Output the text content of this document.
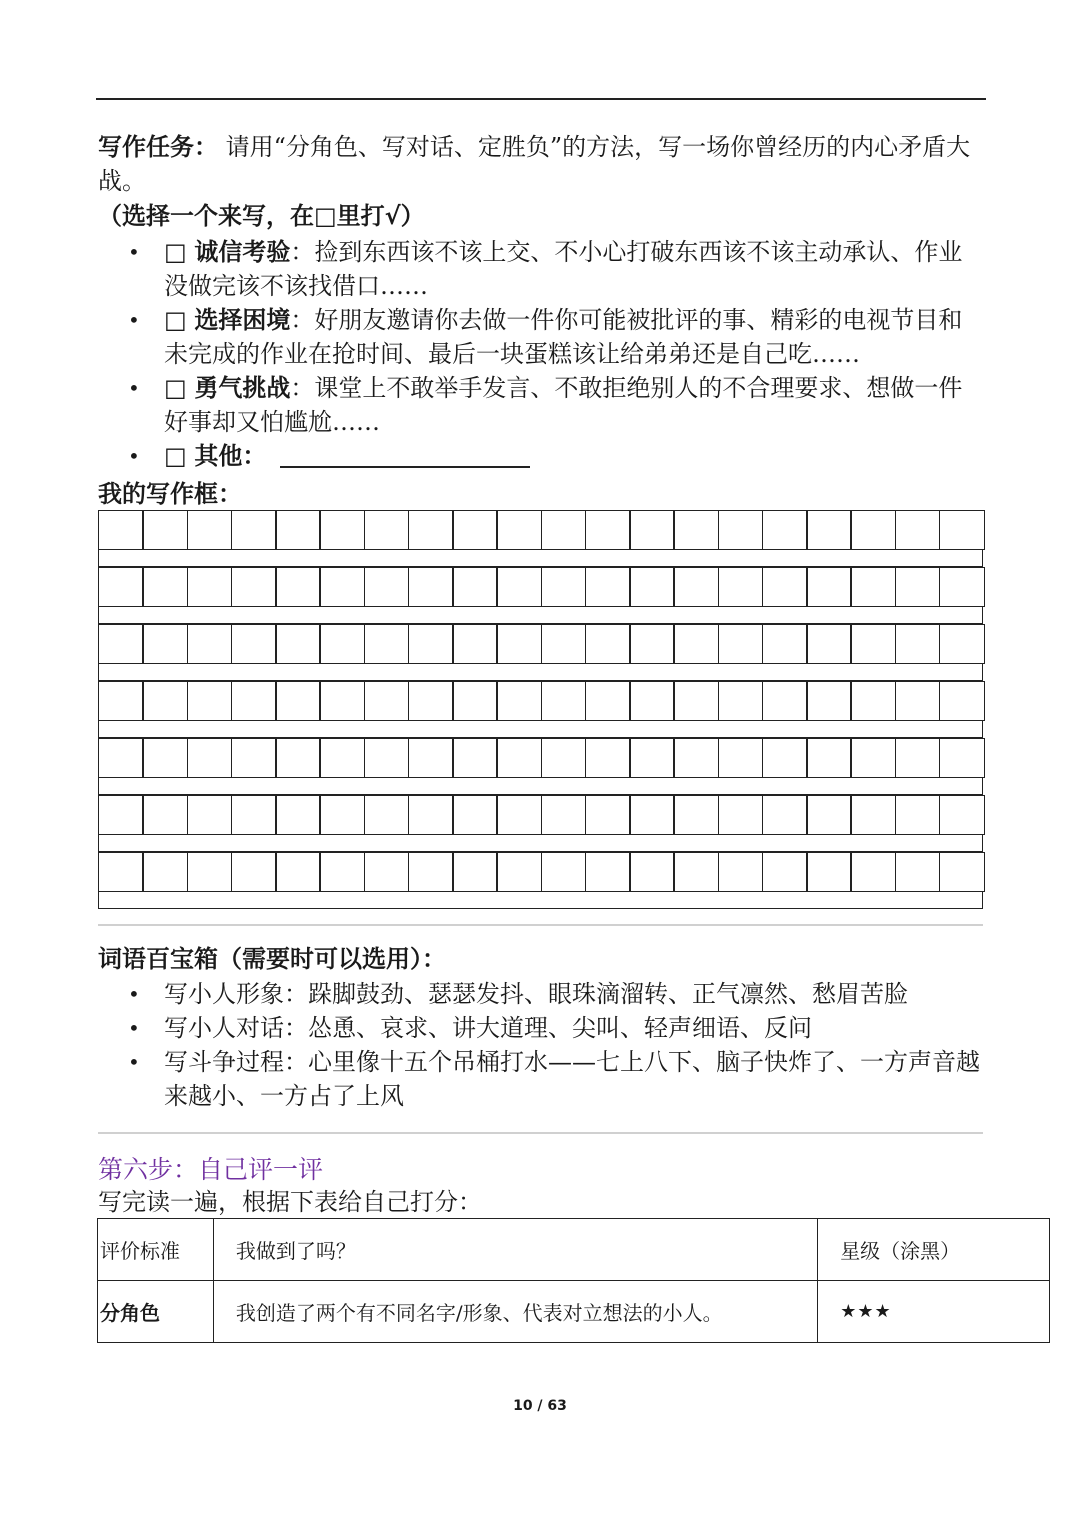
写作任务： 请用“分角色、写对话、定胜负”的方法，写一场你曾经历的内心矛盾大战。
（选择一个来写，在□里打√）
• □ 诚信考验：捡到东西该不该上交、不小心打破东西该不该主动承认、作业没做完该不该找借口……
• □ 选择困境：好朋友邀请你去做一件你可能被批评的事、精彩的电视节目和未完成的作业在抢时间、最后一块蛋糕该让给弟弟还是自己吃……
• □ 勇气挑战：课堂上不敢举手发言、不敢拒绝别人的不合理要求、想做一件好事却又怕尴尬……
• □ 其他：
我的写作框：
词语百宝箱（需要时可以选用）：
• 写小人形象：跺脚鼓劲、瑟瑟发抖、眼珠滴溜转、正气凛然、愁眉苦脸
• 写小人对话：怂恿、哀求、讲大道理、尖叫、轻声细语、反问
• 写斗争过程：心里像十五个吊桶打水——七上八下、脑子快炸了、一方声音越来越小、一方占了上风
第六步：自己评一评
写完读一遍，根据下表给自己打分：
评价标准	我做到了吗？	星级（涂黑）
分角色	我创造了两个有不同名字/形象、代表对立想法的小人。	★★★
10 / 63
